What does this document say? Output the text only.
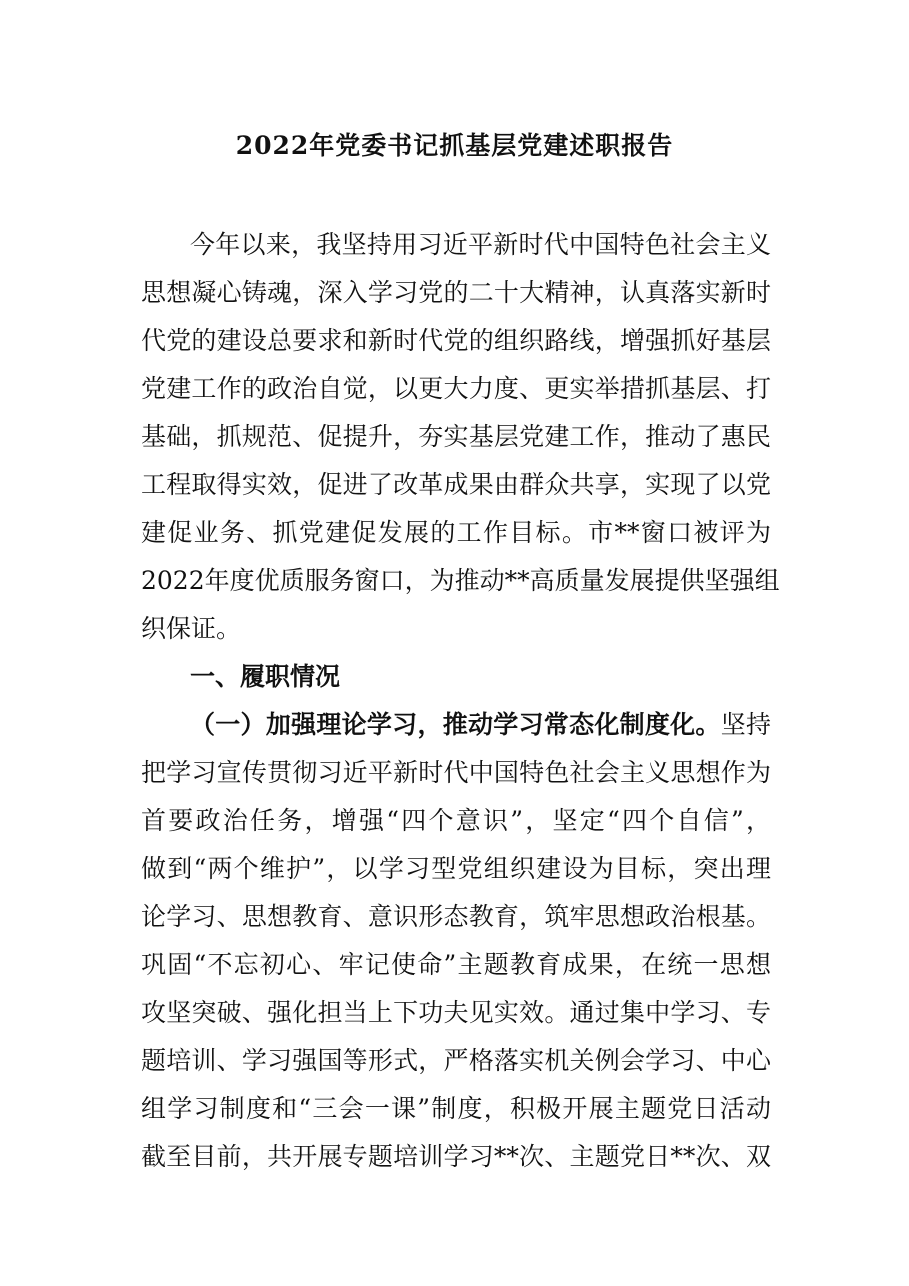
2022年党委书记抓基层党建述职报告
今年以来，我坚持用习近平新时代中国特色社会主义
思想凝心铸魂，深入学习党的二十大精神，认真落实新时
代党的建设总要求和新时代党的组织路线，增强抓好基层
党建工作的政治自觉，以更大力度、更实举措抓基层、打
基础，抓规范、促提升，夯实基层党建工作，推动了惠民
工程取得实效，促进了改革成果由群众共享，实现了以党
建促业务、抓党建促发展的工作目标。市**窗口被评为
2022年度优质服务窗口，为推动**高质量发展提供坚强组
织保证。
一、履职情况
（一）加强理论学习，推动学习常态化制度化。坚持
把学习宣传贯彻习近平新时代中国特色社会主义思想作为
首要政治任务，增强“四个意识”，坚定“四个自信”，
做到“两个维护”，以学习型党组织建设为目标，突出理
论学习、思想教育、意识形态教育，筑牢思想政治根基。
巩固“不忘初心、牢记使命”主题教育成果，在统一思想
攻坚突破、强化担当上下功夫见实效。通过集中学习、专
题培训、学习强国等形式，严格落实机关例会学习、中心
组学习制度和“三会一课”制度，积极开展主题党日活动
截至目前，共开展专题培训学习**次、主题党日**次、双
